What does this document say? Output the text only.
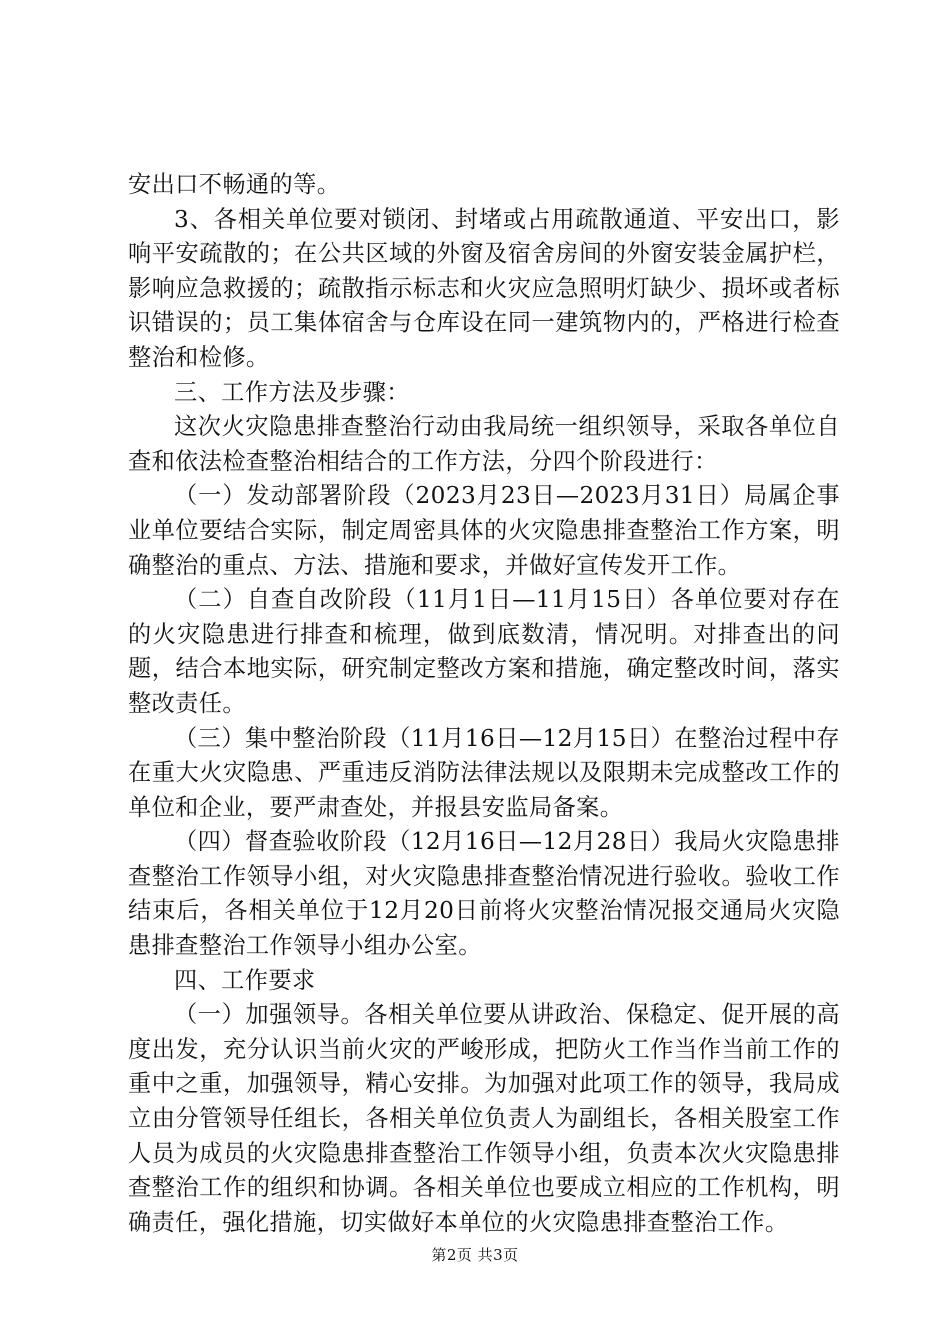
安出口不畅通的等。

3、各相关单位要对锁闭、封堵或占用疏散通道、平安出口，影响平安疏散的；在公共区域的外窗及宿舍房间的外窗安装金属护栏，影响应急救援的；疏散指示标志和火灾应急照明灯缺少、损坏或者标识错误的；员工集体宿舍与仓库设在同一建筑物内的，严格进行检查整治和检修。

三、工作方法及步骤：

这次火灾隐患排查整治行动由我局统一组织领导，采取各单位自查和依法检查整治相结合的工作方法，分四个阶段进行：

（一）发动部署阶段（2023月23日—2023月31日）局属企事业单位要结合实际，制定周密具体的火灾隐患排查整治工作方案，明确整治的重点、方法、措施和要求，并做好宣传发开工作。

（二）自查自改阶段（11月1日—11月15日）各单位要对存在的火灾隐患进行排查和梳理，做到底数清，情况明。对排查出的问题，结合本地实际，研究制定整改方案和措施，确定整改时间，落实整改责任。

（三）集中整治阶段（11月16日—12月15日）在整治过程中存在重大火灾隐患、严重违反消防法律法规以及限期未完成整改工作的单位和企业，要严肃查处，并报县安监局备案。

（四）督查验收阶段（12月16日—12月28日）我局火灾隐患排查整治工作领导小组，对火灾隐患排查整治情况进行验收。验收工作结束后，各相关单位于12月20日前将火灾整治情况报交通局火灾隐患排查整治工作领导小组办公室。

四、工作要求

（一）加强领导。各相关单位要从讲政治、保稳定、促开展的高度出发，充分认识当前火灾的严峻形成，把防火工作当作当前工作的重中之重，加强领导，精心安排。为加强对此项工作的领导，我局成立由分管领导任组长，各相关单位负责人为副组长，各相关股室工作人员为成员的火灾隐患排查整治工作领导小组，负责本次火灾隐患排查整治工作的组织和协调。各相关单位也要成立相应的工作机构，明确责任，强化措施，切实做好本单位的火灾隐患排查整治工作。

第2页 共3页
